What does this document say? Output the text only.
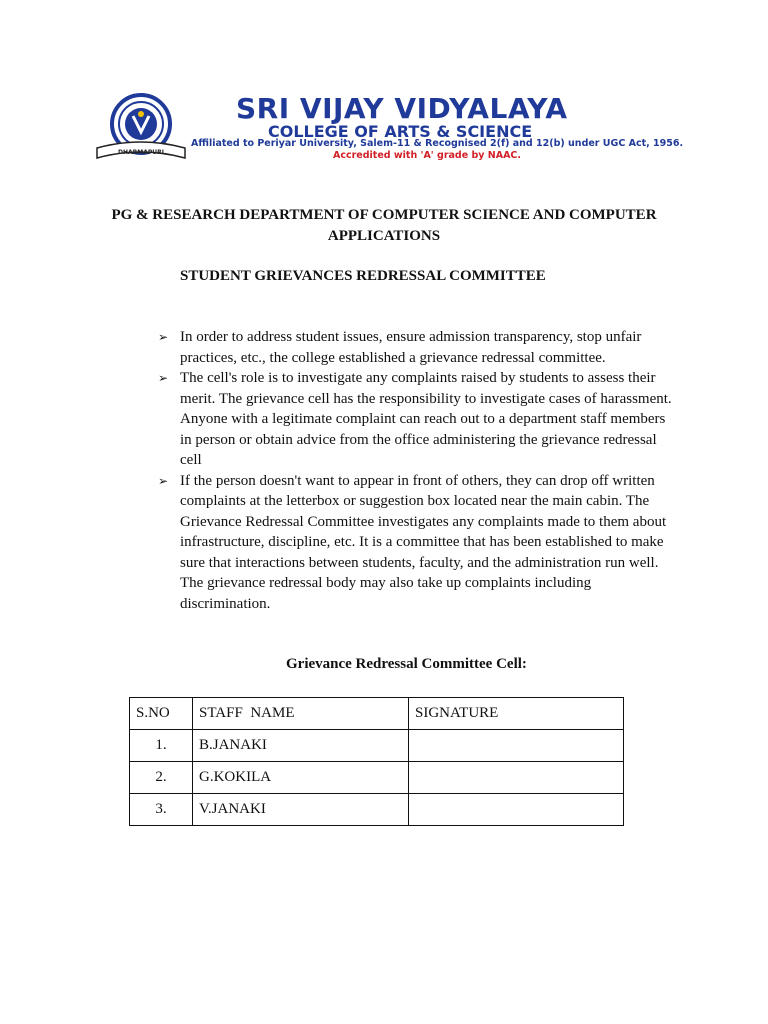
DHARMAPURI
SRI VIJAY VIDYALAYA
COLLEGE OF ARTS & SCIENCE
Affiliated to Periyar University, Salem-11 & Recognised 2(f) and 12(b) under UGC Act, 1956.
Accredited with 'A' grade by NAAC.
PG & RESEARCH DEPARTMENT OF COMPUTER SCIENCE AND COMPUTER APPLICATIONS
STUDENT GRIEVANCES REDRESSAL COMMITTEE
➢ In order to address student issues, ensure admission transparency, stop unfair practices, etc., the college established a grievance redressal committee.
➢ The cell's role is to investigate any complaints raised by students to assess their merit. The grievance cell has the responsibility to investigate cases of harassment. Anyone with a legitimate complaint can reach out to a department staff members in person or obtain advice from the office administering the grievance redressal cell
➢ If the person doesn't want to appear in front of others, they can drop off written complaints at the letterbox or suggestion box located near the main cabin. The Grievance Redressal Committee investigates any complaints made to them about infrastructure, discipline, etc. It is a committee that has been established to make sure that interactions between students, faculty, and the administration run well. The grievance redressal body may also take up complaints including discrimination.
Grievance Redressal Committee Cell:
S.NO	STAFF  NAME	SIGNATURE
1.	B.JANAKI	
2.	G.KOKILA	
3.	V.JANAKI	
